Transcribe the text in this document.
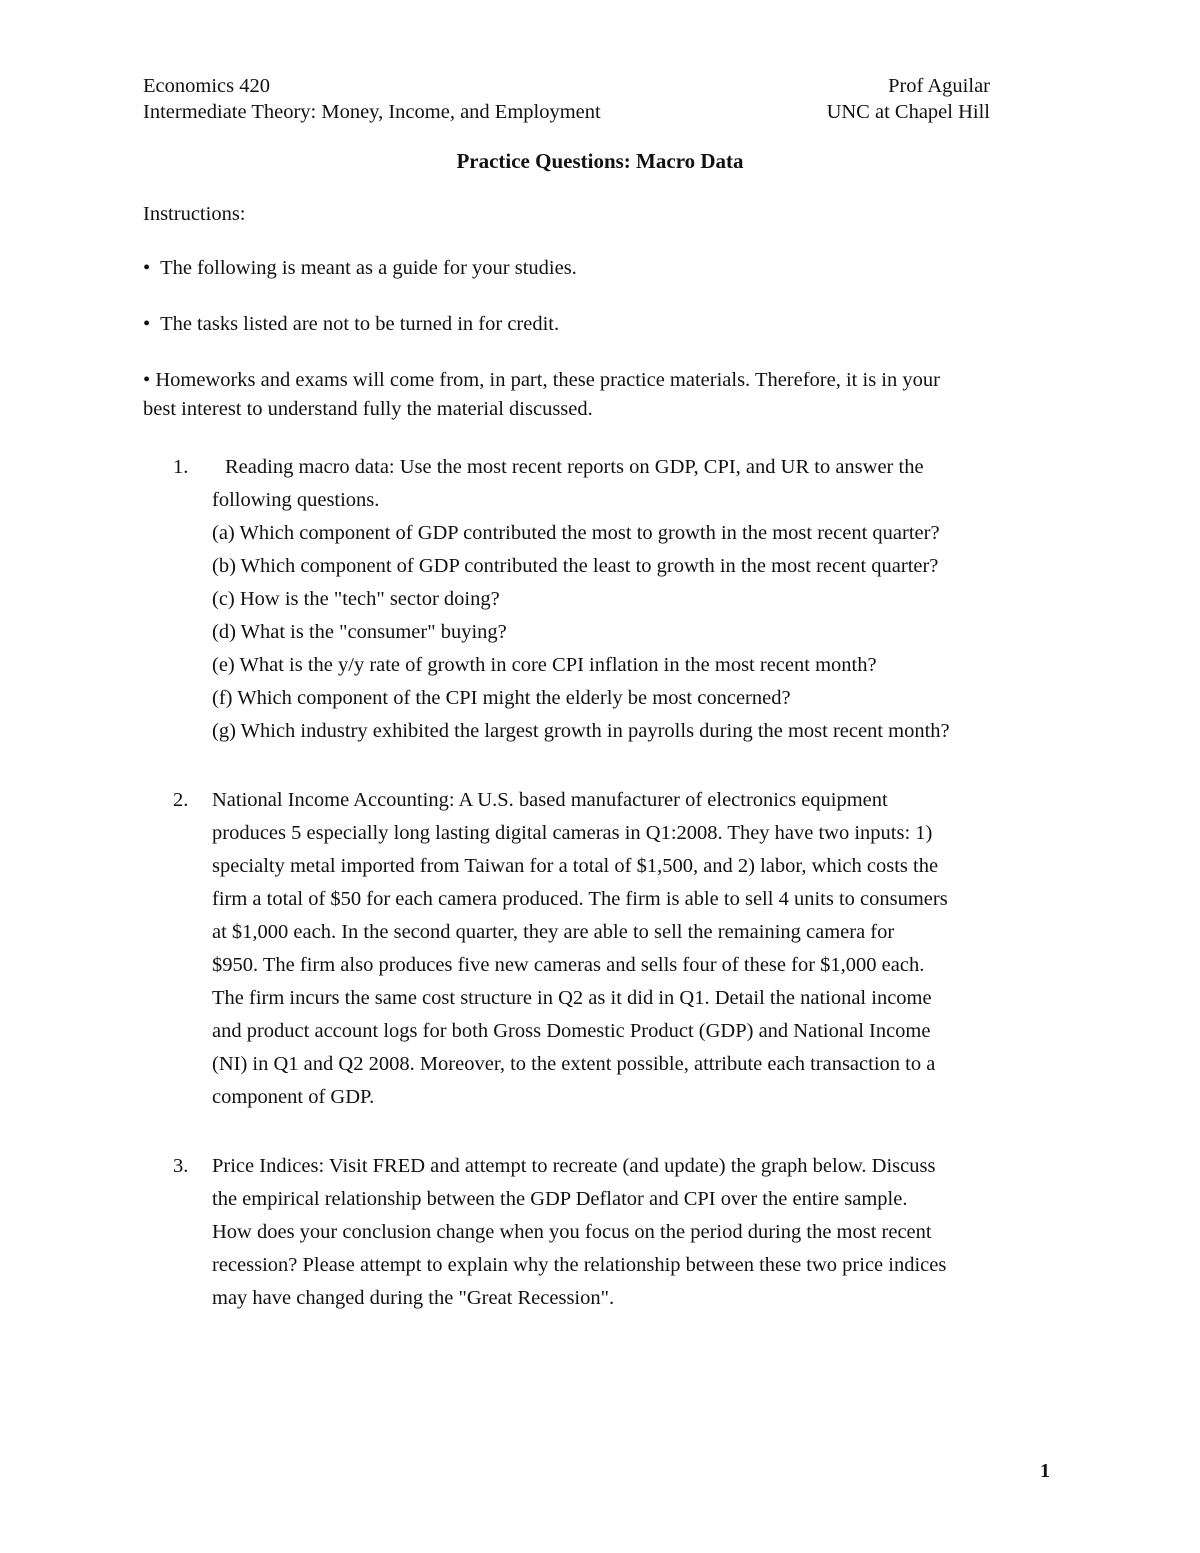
Economics 420	Prof Aguilar
Intermediate Theory: Money, Income, and Employment	UNC at Chapel Hill
Practice Questions: Macro Data
Instructions:
•  The following is meant as a guide for your studies.
•  The tasks listed are not to be turned in for credit.
• Homeworks and exams will come from, in part, these practice materials. Therefore, it is in your
best interest to understand fully the material discussed.
1.	Reading macro data: Use the most recent reports on GDP, CPI, and UR to answer the
following questions.
(a) Which component of GDP contributed the most to growth in the most recent quarter?
(b) Which component of GDP contributed the least to growth in the most recent quarter?
(c) How is the "tech" sector doing?
(d) What is the "consumer" buying?
(e) What is the y/y rate of growth in core CPI inflation in the most recent month?
(f) Which component of the CPI might the elderly be most concerned?
(g) Which industry exhibited the largest growth in payrolls during the most recent month?
2. National Income Accounting: A U.S. based manufacturer of electronics equipment
produces 5 especially long lasting digital cameras in Q1:2008. They have two inputs: 1)
specialty metal imported from Taiwan for a total of $1,500, and 2) labor, which costs the
firm a total of $50 for each camera produced. The firm is able to sell 4 units to consumers
at $1,000 each. In the second quarter, they are able to sell the remaining camera for
$950. The firm also produces five new cameras and sells four of these for $1,000 each.
The firm incurs the same cost structure in Q2 as it did in Q1. Detail the national income
and product account logs for both Gross Domestic Product (GDP) and National Income
(NI) in Q1 and Q2 2008. Moreover, to the extent possible, attribute each transaction to a
component of GDP.
3. Price Indices: Visit FRED and attempt to recreate (and update) the graph below. Discuss
the empirical relationship between the GDP Deflator and CPI over the entire sample.
How does your conclusion change when you focus on the period during the most recent
recession? Please attempt to explain why the relationship between these two price indices
may have changed during the "Great Recession".
1
